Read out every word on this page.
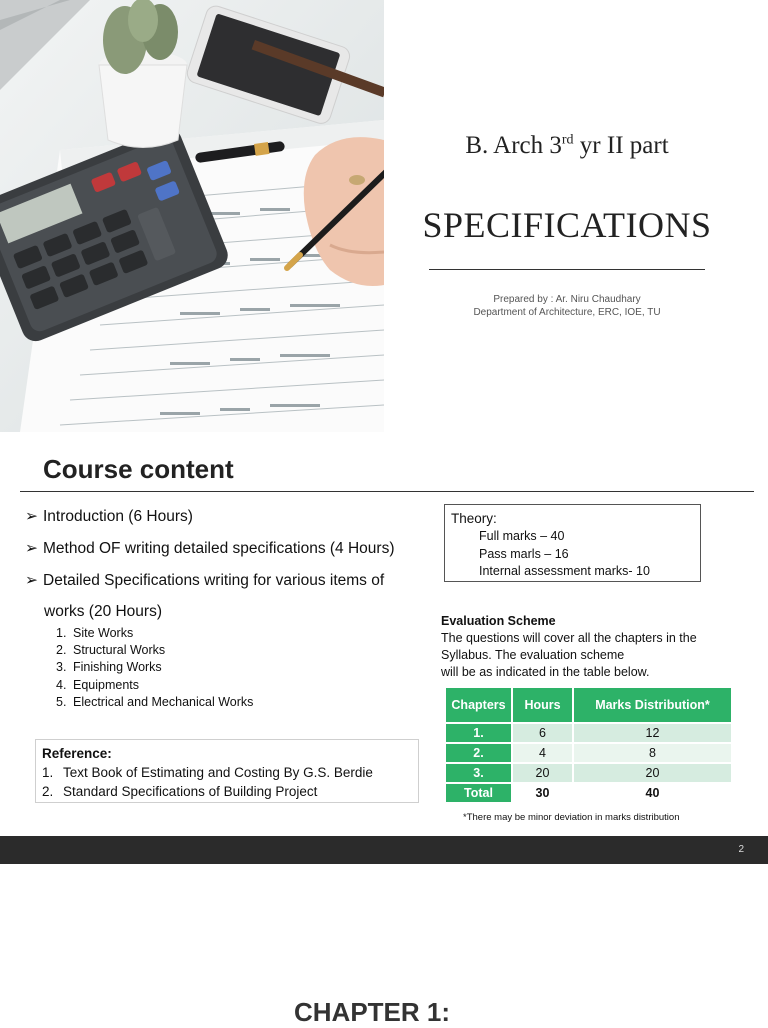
B. Arch 3rd yr II part
SPECIFICATIONS
Prepared by : Ar. Niru Chaudhary
Department of Architecture, ERC, IOE, TU
Course content
➢ Introduction (6 Hours)
➢ Method OF writing detailed specifications (4 Hours)
➢ Detailed Specifications writing for various items of
works (20 Hours)
1. Site Works
2. Structural Works
3. Finishing Works
4. Equipments
5. Electrical and Mechanical Works
Reference:
1. Text Book of Estimating and Costing By G.S. Berdie
2. Standard Specifications of Building Project
Theory:
Full marks – 40
Pass marls – 16
Internal assessment marks- 10
Evaluation Scheme
The questions will cover all the chapters in the
Syllabus. The evaluation scheme
will be as indicated in the table below.
Chapters	Hours	Marks Distribution*
1.	6	12
2.	4	8
3.	20	20
Total	30	40
*There may be minor deviation in marks distribution
2
CHAPTER 1:
